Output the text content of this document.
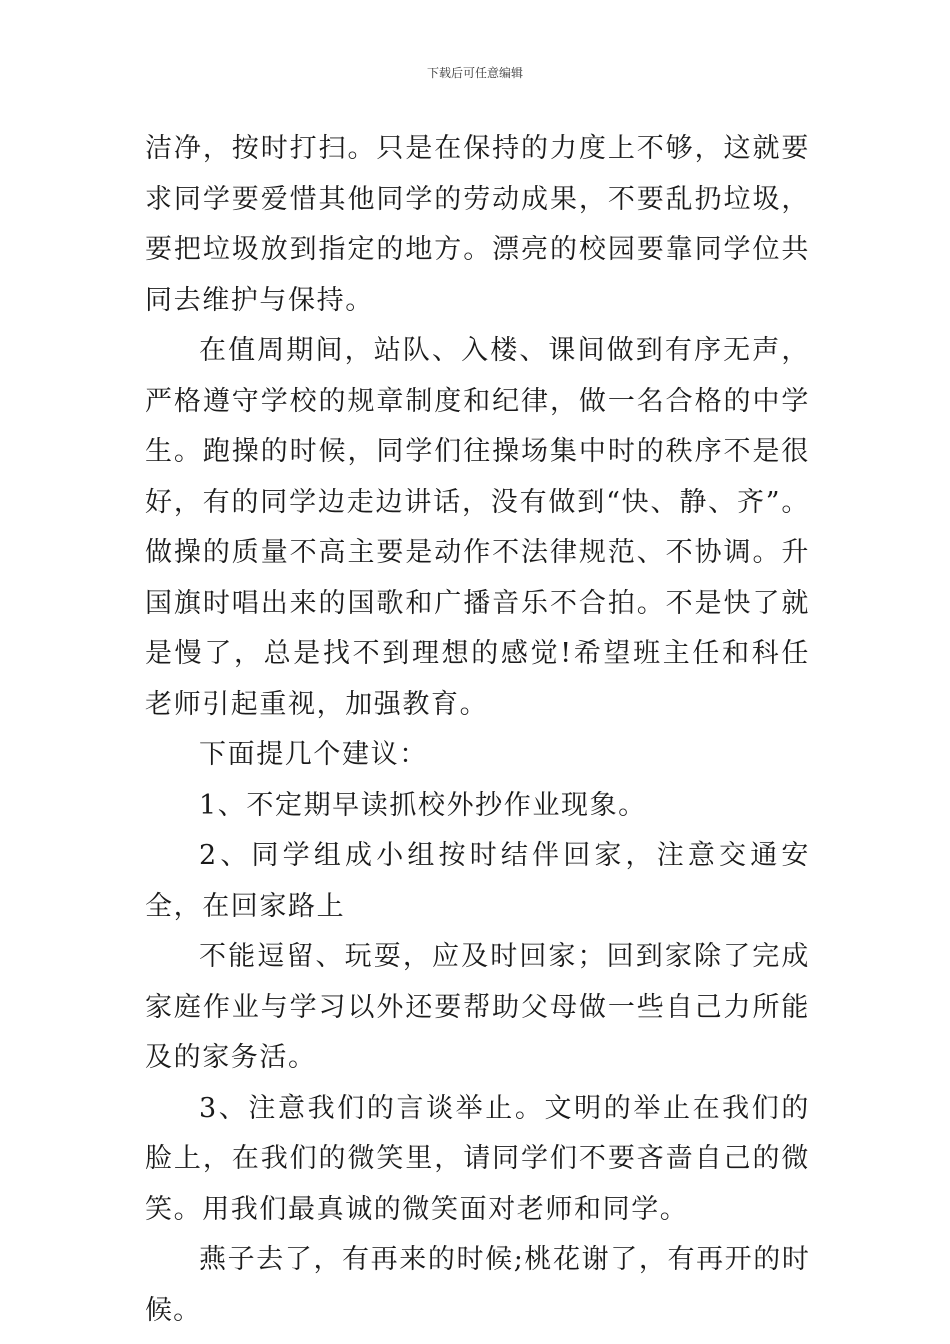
下载后可任意编辑

洁净，按时打扫。只是在保持的力度上不够，这就要求同学要爱惜其他同学的劳动成果，不要乱扔垃圾，要把垃圾放到指定的地方。漂亮的校园要靠同学位共同去维护与保持。

在值周期间，站队、入楼、课间做到有序无声，严格遵守学校的规章制度和纪律，做一名合格的中学生。跑操的时候，同学们往操场集中时的秩序不是很好，有的同学边走边讲话，没有做到“快、静、齐”。做操的质量不高主要是动作不法律规范、不协调。升国旗时唱出来的国歌和广播音乐不合拍。不是快了就是慢了，总是找不到理想的感觉!希望班主任和科任老师引起重视，加强教育。

下面提几个建议：

1、不定期早读抓校外抄作业现象。

2、同学组成小组按时结伴回家，注意交通安全，在回家路上

不能逗留、玩耍，应及时回家；回到家除了完成家庭作业与学习以外还要帮助父母做一些自己力所能及的家务活。

3、注意我们的言谈举止。文明的举止在我们的脸上，在我们的微笑里，请同学们不要吝啬自己的微笑。用我们最真诚的微笑面对老师和同学。

燕子去了，有再来的时候;桃花谢了，有再开的时候。
